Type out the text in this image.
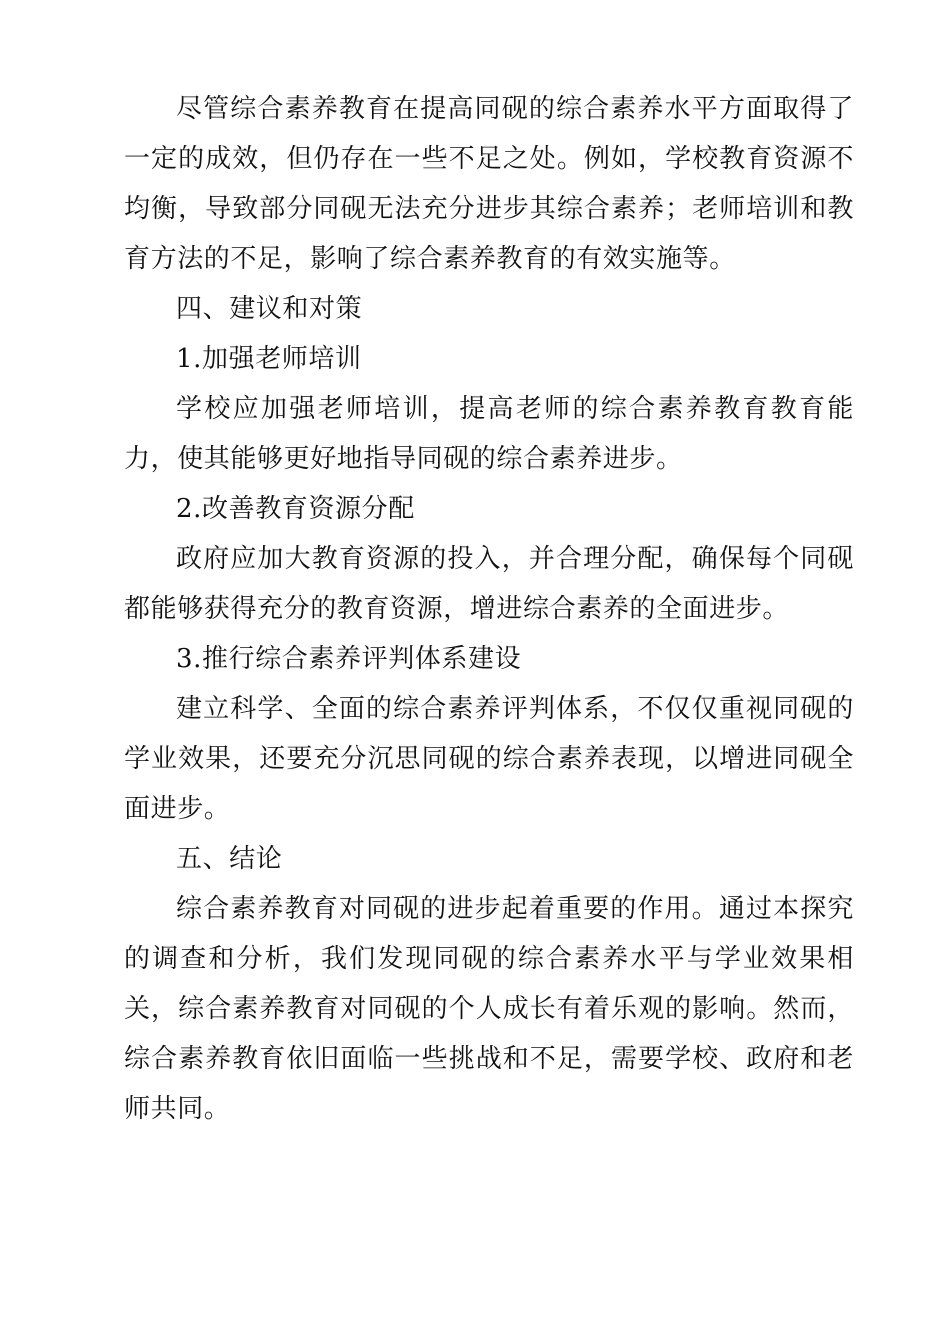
尽管综合素养教育在提高同砚的综合素养水平方面取得了一定的成效，但仍存在一些不足之处。例如，学校教育资源不均衡，导致部分同砚无法充分进步其综合素养；老师培训和教育方法的不足，影响了综合素养教育的有效实施等。

四、建议和对策

1.加强老师培训

学校应加强老师培训，提高老师的综合素养教育教育能力，使其能够更好地指导同砚的综合素养进步。

2.改善教育资源分配

政府应加大教育资源的投入，并合理分配，确保每个同砚都能够获得充分的教育资源，增进综合素养的全面进步。

3.推行综合素养评判体系建设

建立科学、全面的综合素养评判体系，不仅仅重视同砚的学业效果，还要充分沉思同砚的综合素养表现，以增进同砚全面进步。

五、结论

综合素养教育对同砚的进步起着重要的作用。通过本探究的调查和分析，我们发现同砚的综合素养水平与学业效果相关，综合素养教育对同砚的个人成长有着乐观的影响。然而，综合素养教育依旧面临一些挑战和不足，需要学校、政府和老师共同。
